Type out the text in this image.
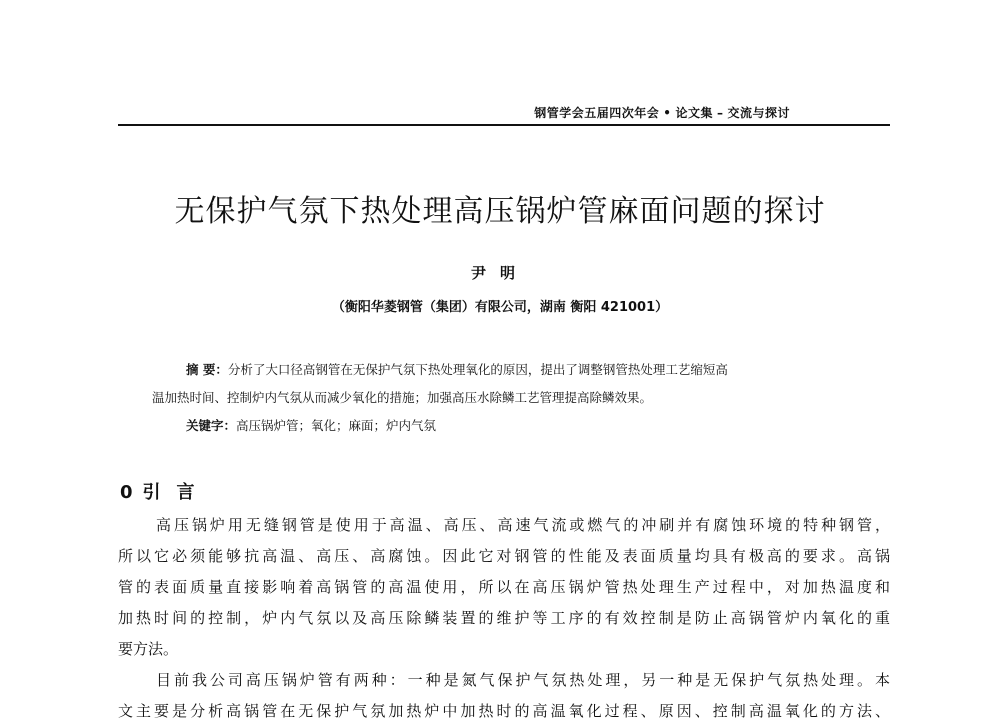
钢管学会五届四次年会 • 论文集 – 交流与探讨
无保护气氛下热处理高压锅炉管麻面问题的探讨
尹明
（衡阳华菱钢管（集团）有限公司，湖南 衡阳 421001）
摘 要：分析了大口径高钢管在无保护气氛下热处理氧化的原因，提出了调整钢管热处理工艺缩短高
温加热时间、控制炉内气氛从而减少氧化的措施；加强高压水除鳞工艺管理提高除鳞效果。
关键字：高压锅炉管；氧化；麻面；炉内气氛
0 引言
高压锅炉用无缝钢管是使用于高温、高压、高速气流或燃气的冲刷并有腐蚀环境的特种钢管，
所以它必须能够抗高温、高压、高腐蚀。因此它对钢管的性能及表面质量均具有极高的要求。高锅
管的表面质量直接影响着高锅管的高温使用，所以在高压锅炉管热处理生产过程中，对加热温度和
加热时间的控制，炉内气氛以及高压除鳞装置的维护等工序的有效控制是防止高锅管炉内氧化的重
要方法。
目前我公司高压锅炉管有两种：一种是氮气保护气氛热处理，另一种是无保护气氛热处理。本
文主要是分析高锅管在无保护气氛加热炉中加热时的高温氧化过程、原因、控制高温氧化的方法、
